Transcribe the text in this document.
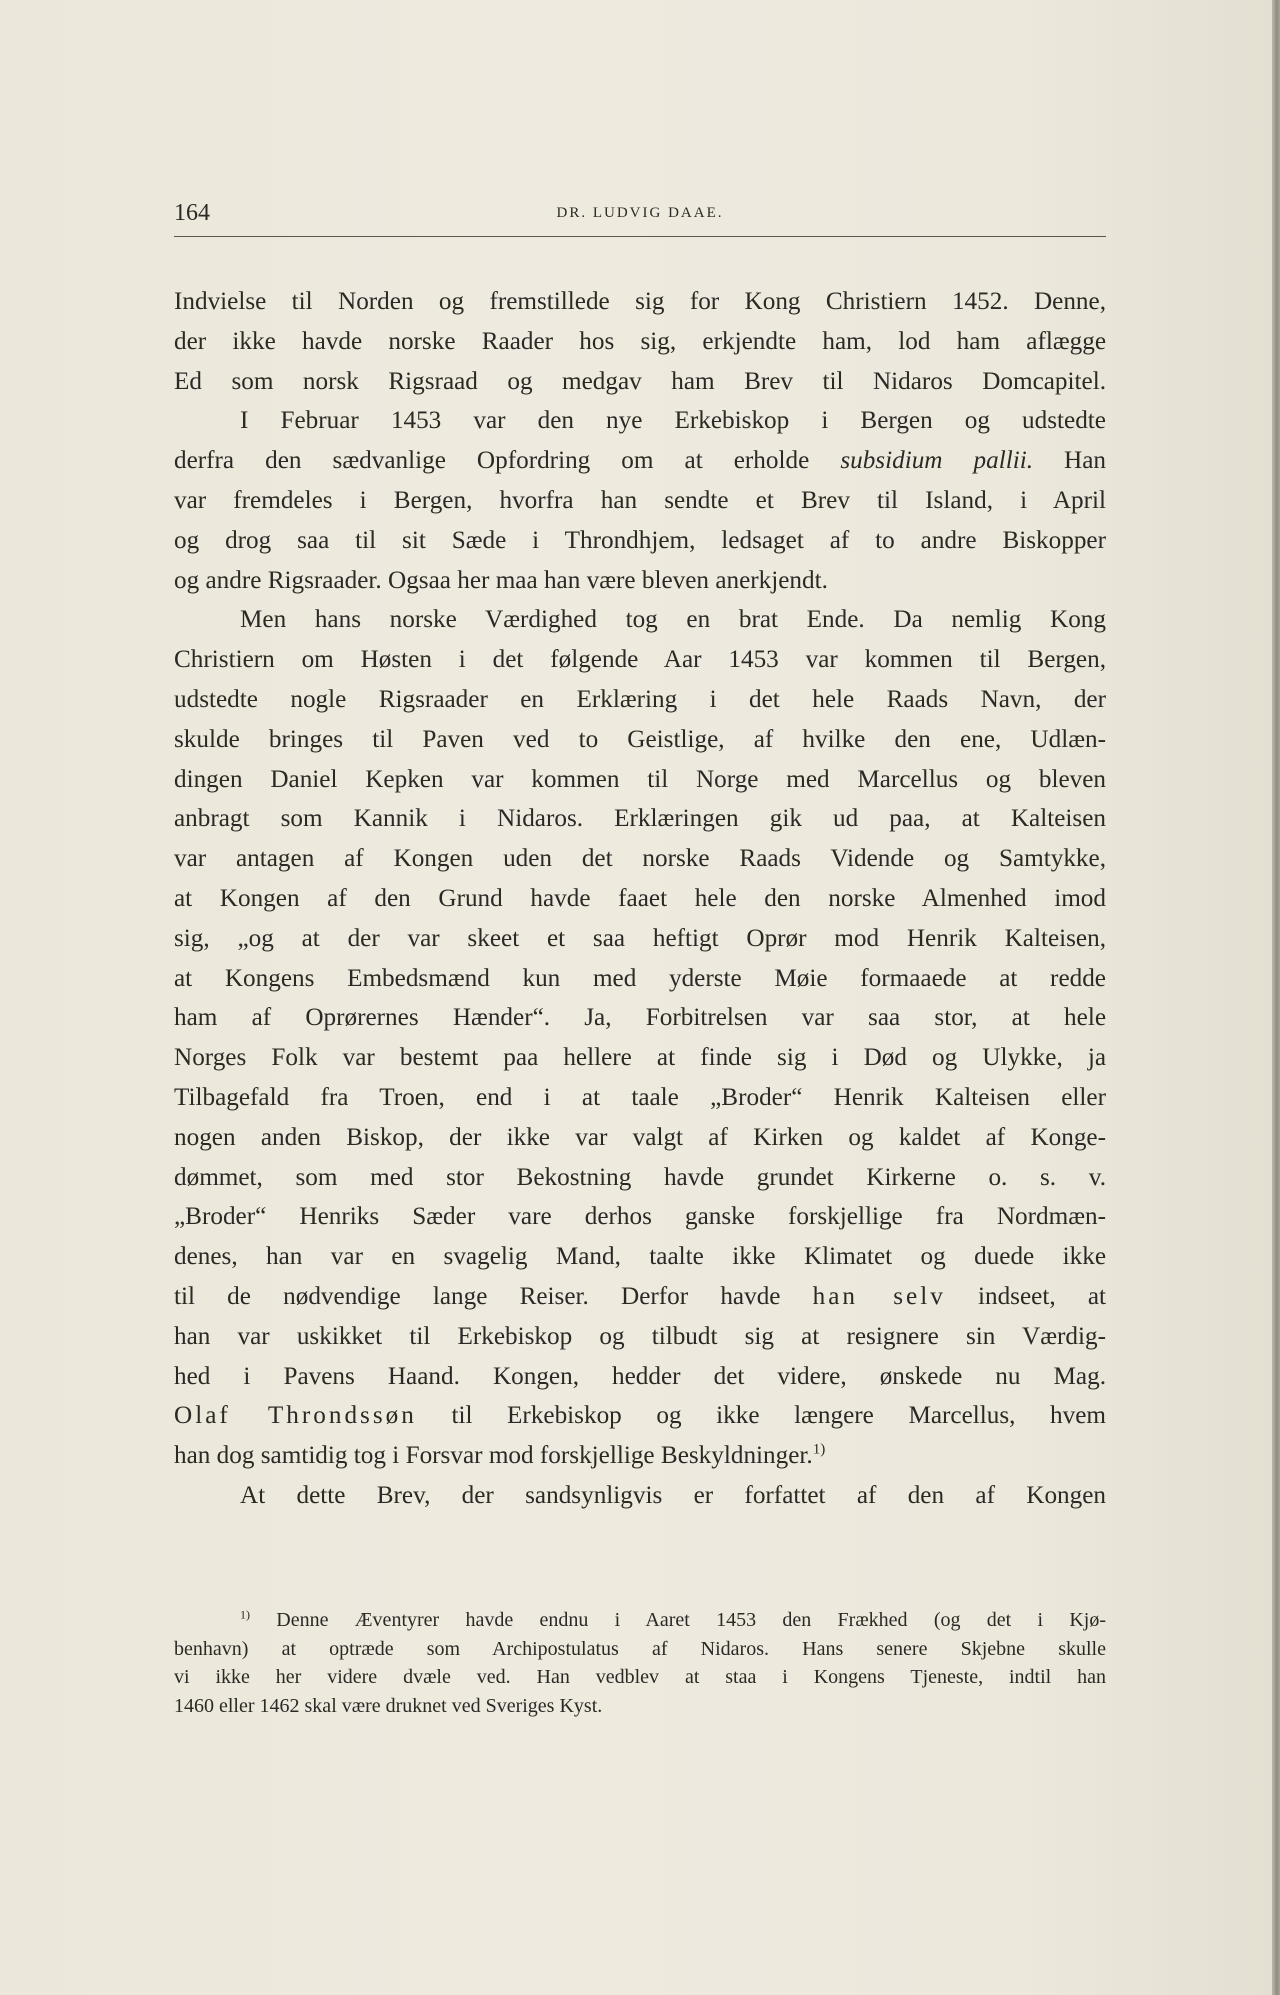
164	DR. LUDVIG DAAE.
Indvielse til Norden og fremstillede sig for Kong Christiern 1452. Denne,
der ikke havde norske Raader hos sig, erkjendte ham, lod ham aflægge
Ed som norsk Rigsraad og medgav ham Brev til Nidaros Domcapitel.
I Februar 1453 var den nye Erkebiskop i Bergen og udstedte
derfra den sædvanlige Opfordring om at erholde subsidium pallii. Han
var fremdeles i Bergen, hvorfra han sendte et Brev til Island, i April
og drog saa til sit Sæde i Throndhjem, ledsaget af to andre Biskopper
og andre Rigsraader. Ogsaa her maa han være bleven anerkjendt.
Men hans norske Værdighed tog en brat Ende. Da nemlig Kong
Christiern om Høsten i det følgende Aar 1453 var kommen til Bergen,
udstedte nogle Rigsraader en Erklæring i det hele Raads Navn, der
skulde bringes til Paven ved to Geistlige, af hvilke den ene, Udlæn-
dingen Daniel Kepken var kommen til Norge med Marcellus og bleven
anbragt som Kannik i Nidaros. Erklæringen gik ud paa, at Kalteisen
var antagen af Kongen uden det norske Raads Vidende og Samtykke,
at Kongen af den Grund havde faaet hele den norske Almenhed imod
sig, „og at der var skeet et saa heftigt Oprør mod Henrik Kalteisen,
at Kongens Embedsmænd kun med yderste Møie formaaede at redde
ham af Oprørernes Hænder“. Ja, Forbitrelsen var saa stor, at hele
Norges Folk var bestemt paa hellere at finde sig i Død og Ulykke, ja
Tilbagefald fra Troen, end i at taale „Broder“ Henrik Kalteisen eller
nogen anden Biskop, der ikke var valgt af Kirken og kaldet af Konge-
dømmet, som med stor Bekostning havde grundet Kirkerne o. s. v.
„Broder“ Henriks Sæder vare derhos ganske forskjellige fra Nordmæn-
denes, han var en svagelig Mand, taalte ikke Klimatet og duede ikke
til de nødvendige lange Reiser. Derfor havde han selv indseet, at
han var uskikket til Erkebiskop og tilbudt sig at resignere sin Værdig-
hed i Pavens Haand. Kongen, hedder det videre, ønskede nu Mag.
Olaf Throndssøn til Erkebiskop og ikke længere Marcellus, hvem
han dog samtidig tog i Forsvar mod forskjellige Beskyldninger.$^{1)}$
At dette Brev, der sandsynligvis er forfattet af den af Kongen
$^{1)}$ Denne Æventyrer havde endnu i Aaret 1453 den Frækhed (og det i Kjø-
benhavn) at optræde som Archipostulatus af Nidaros. Hans senere Skjebne skulle
vi ikke her videre dvæle ved. Han vedblev at staa i Kongens Tjeneste, indtil han
1460 eller 1462 skal være druknet ved Sveriges Kyst.
